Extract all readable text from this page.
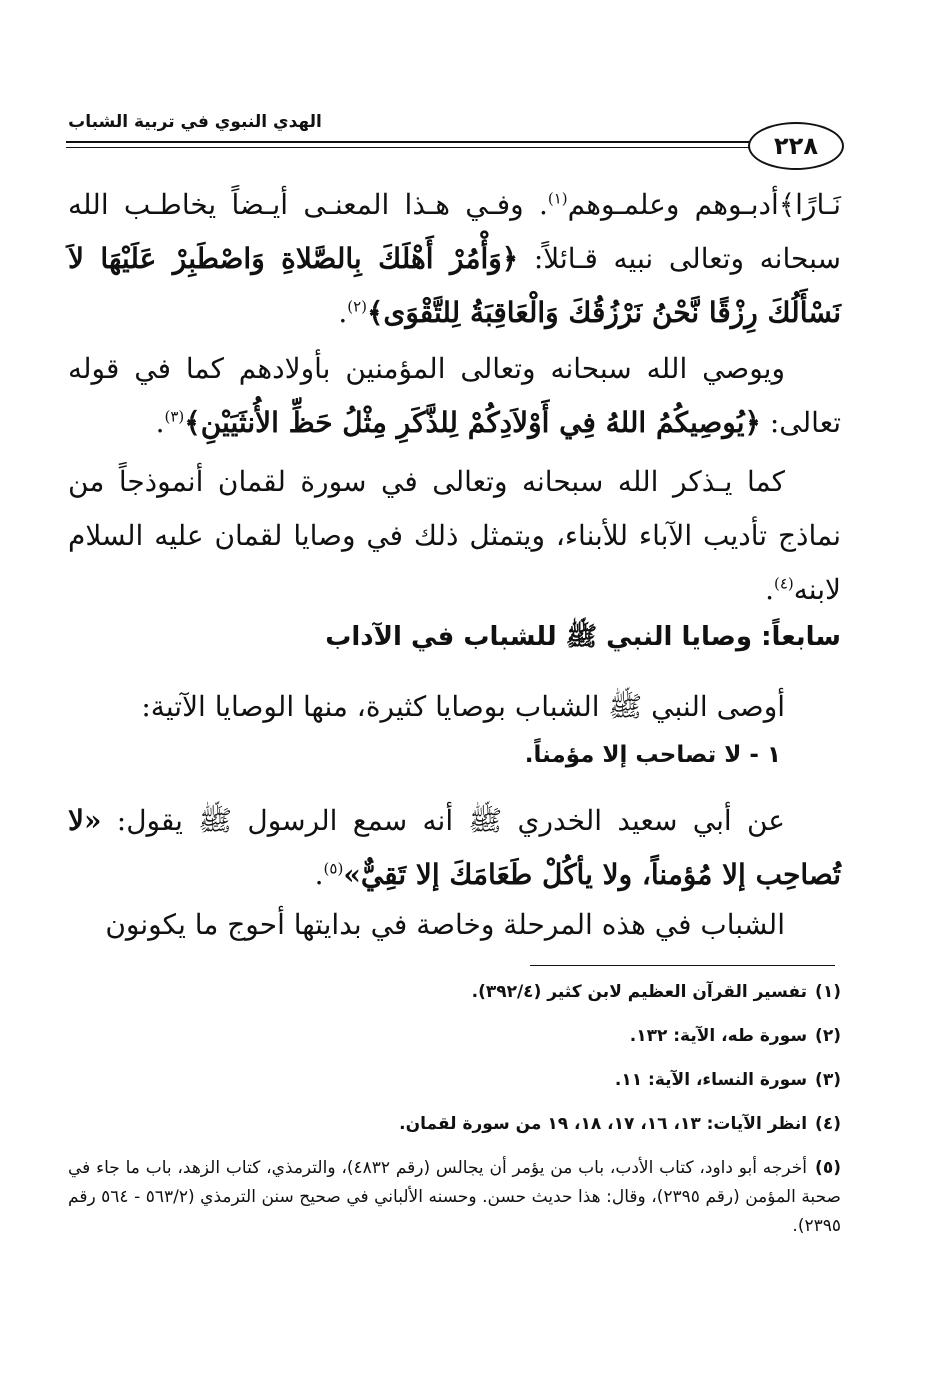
الهدي النبوي في تربية الشباب
٢٢٨

نَـارًا﴾أدبـوهم وعلمـوهم$^{(١)}$. وفـي هـذا المعنـى أيـضاً يخاطـب الله سبحانه وتعالى نبيه قـائلاً: ﴿وَأْمُرْ أَهْلَكَ بِالصَّلاةِ وَاصْطَبِرْ عَلَيْهَا لاَ نَسْأَلُكَ رِزْقًا نَّحْنُ نَرْزُقُكَ وَالْعَاقِبَةُ لِلتَّقْوَى﴾$^{(٢)}$.

ويوصي الله سبحانه وتعالى المؤمنين بأولادهم كما في قوله تعالى: ﴿يُوصِيكُمُ اللهُ فِي أَوْلاَدِكُمْ لِلذَّكَرِ مِثْلُ حَظِّ الأُنثَيَيْنِ﴾$^{(٣)}$.

كما يـذكر الله سبحانه وتعالى في سورة لقمان أنموذجاً من نماذج تأديب الآباء للأبناء، ويتمثل ذلك في وصايا لقمان عليه السلام لابنه$^{(٤)}$.

سابعاً: وصايا النبي ﷺ للشباب في الآداب

أوصى النبي ﷺ الشباب بوصايا كثيرة، منها الوصايا الآتية:

١ - لا تصاحب إلا مؤمناً.

عن أبي سعيد الخدري ﷺ أنه سمع الرسول ﷺ يقول: «لا تُصاحِب إلا مُؤمناً، ولا يأكُلْ طَعَامَكَ إلا تَقِيٌّ»$^{(٥)}$.

الشباب في هذه المرحلة وخاصة في بدايتها أحوج ما يكونون

(١)تفسير القرآن العظيم لابن كثير (٣٩٢/٤).

(٢)سورة طه، الآية: ١٣٢.

(٣)سورة النساء، الآية: ١١.

(٤)انظر الآيات: ١٣، ١٦، ١٧، ١٨، ١٩ من سورة لقمان.

(٥)أخرجه أبو داود، كتاب الأدب، باب من يؤمر أن يجالس (رقم ٤٨٣٢)، والترمذي، كتاب الزهد، باب ما جاء في صحبة المؤمن (رقم ٢٣٩٥)، وقال: هذا حديث حسن. وحسنه الألباني في صحيح سنن الترمذي (٥٦٣/٢ - ٥٦٤ رقم ٢٣٩٥).
